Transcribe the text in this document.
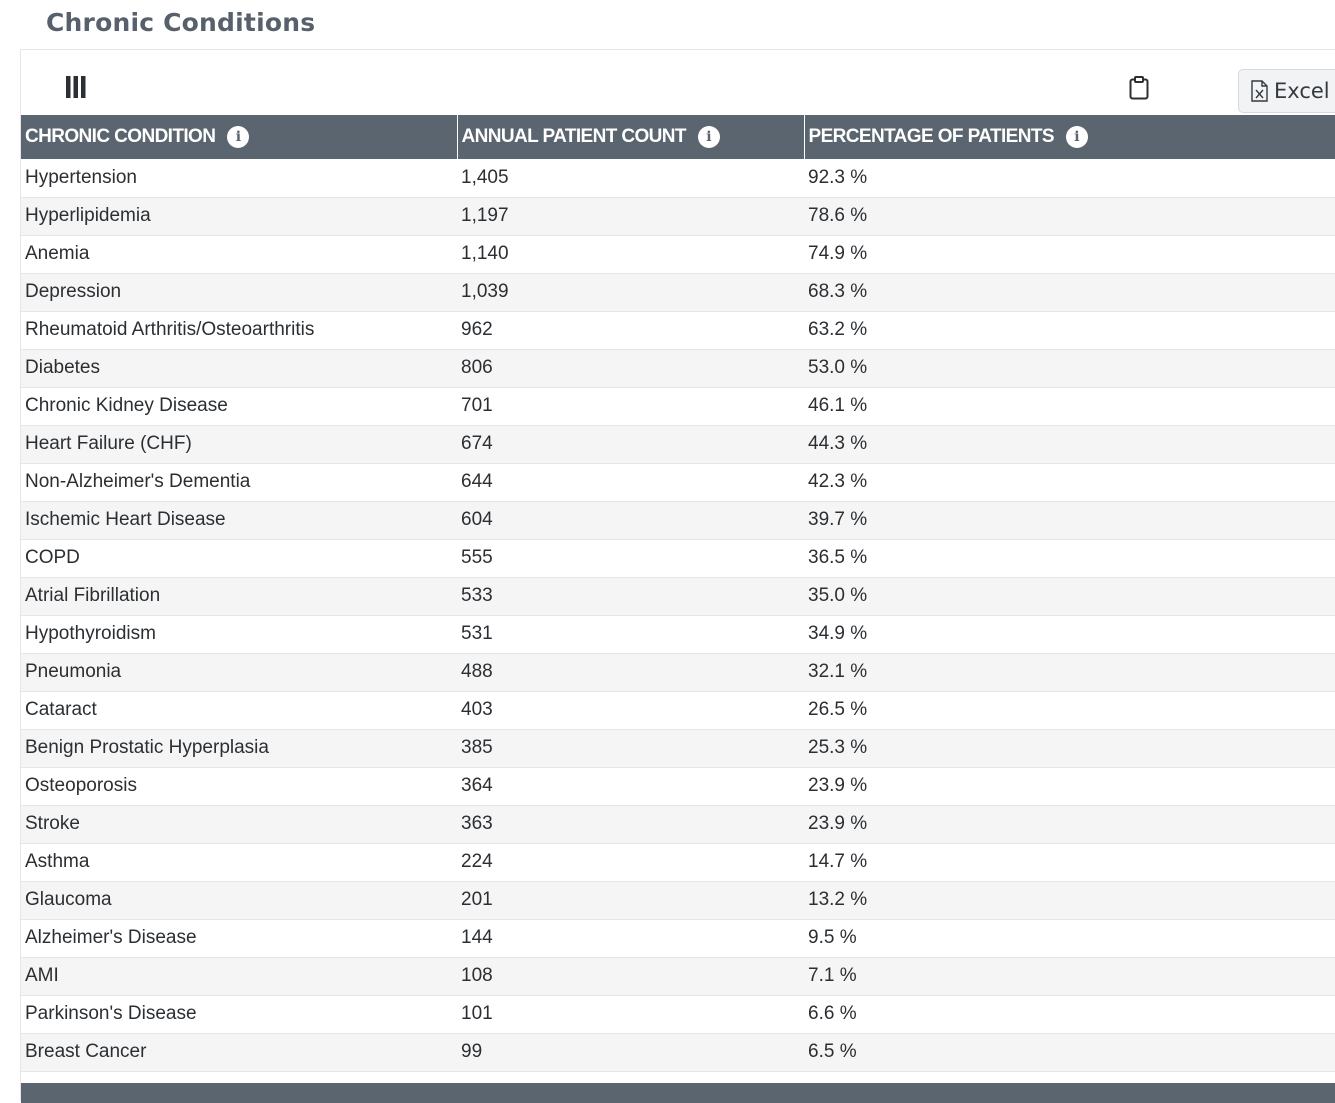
Chronic Conditions
Excel
CHRONIC CONDITION i	ANNUAL PATIENT COUNT i	PERCENTAGE OF PATIENTS i

Hypertension	1,405	92.3 %
Hyperlipidemia	1,197	78.6 %
Anemia	1,140	74.9 %
Depression	1,039	68.3 %
Rheumatoid Arthritis/Osteoarthritis	962	63.2 %
Diabetes	806	53.0 %
Chronic Kidney Disease	701	46.1 %
Heart Failure (CHF)	674	44.3 %
Non-Alzheimer's Dementia	644	42.3 %
Ischemic Heart Disease	604	39.7 %
COPD	555	36.5 %
Atrial Fibrillation	533	35.0 %
Hypothyroidism	531	34.9 %
Pneumonia	488	32.1 %
Cataract	403	26.5 %
Benign Prostatic Hyperplasia	385	25.3 %
Osteoporosis	364	23.9 %
Stroke	363	23.9 %
Asthma	224	14.7 %
Glaucoma	201	13.2 %
Alzheimer's Disease	144	9.5 %
AMI	108	7.1 %
Parkinson's Disease	101	6.6 %
Breast Cancer	99	6.5 %
